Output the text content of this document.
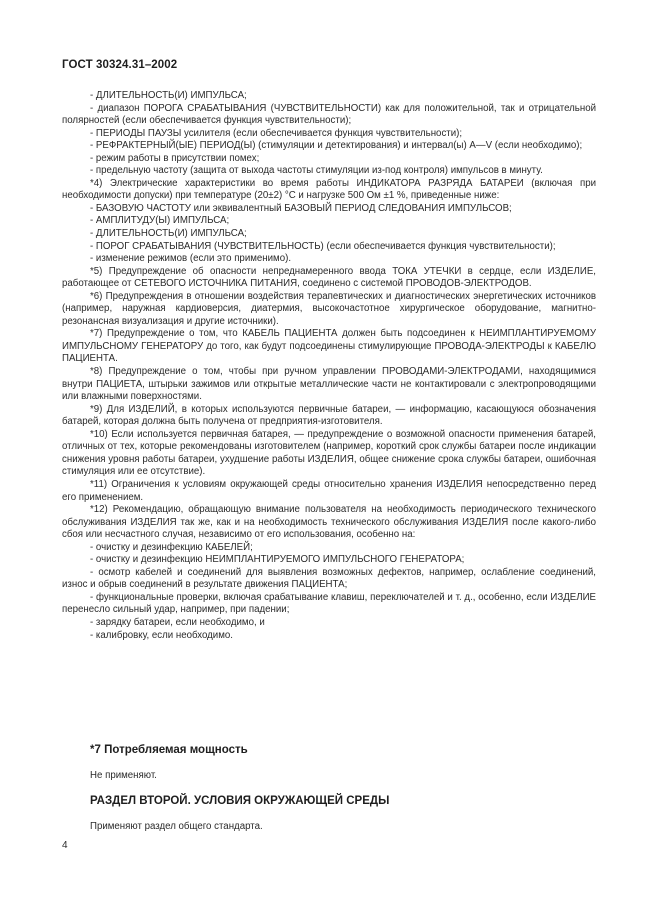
ГОСТ 30324.31–2002

- ДЛИТЕЛЬНОСТЬ(И) ИМПУЛЬСА;

- диапазон ПОРОГА СРАБАТЫВАНИЯ (ЧУВСТВИТЕЛЬНОСТИ) как для положительной, так и отрицательной полярностей (если обеспечивается функция чувствительности);

- ПЕРИОДЫ ПАУЗЫ усилителя (если обеспечивается функция чувствительности);

- РЕФРАКТЕРНЫЙ(ЫЕ) ПЕРИОД(Ы) (стимуляции и детектирования) и интервал(ы) А—V (если необходимо);

- режим работы в присутствии помех;

- предельную частоту (защита от выхода частоты стимуляции из-под контроля) импульсов в минуту.

*4) Электрические характеристики во время работы ИНДИКАТОРА РАЗРЯДА БАТАРЕИ (включая при необходимости допуски) при температуре (20±2) °С и нагрузке 500 Ом ±1 %, приведенные ниже:

- БАЗОВУЮ ЧАСТОТУ или эквивалентный БАЗОВЫЙ ПЕРИОД СЛЕДОВАНИЯ ИМПУЛЬСОВ;

- АМПЛИТУДУ(Ы) ИМПУЛЬСА;

- ДЛИТЕЛЬНОСТЬ(И) ИМПУЛЬСА;

- ПОРОГ СРАБАТЫВАНИЯ (ЧУВСТВИТЕЛЬНОСТЬ) (если обеспечивается функция чувствительности);

- изменение режимов (если это применимо).

*5) Предупреждение об опасности непреднамеренного ввода ТОКА УТЕЧКИ в сердце, если ИЗДЕЛИЕ, работающее от СЕТЕВОГО ИСТОЧНИКА ПИТАНИЯ, соединено с системой ПРОВОДОВ-ЭЛЕКТРОДОВ.

*6) Предупреждения в отношении воздействия терапевтических и диагностических энергетических источников (например, наружная кардиоверсия, диатермия, высокочастотное хирургическое оборудование, магнитно-резонансная визуализация и другие источники).

*7) Предупреждение о том, что КАБЕЛЬ ПАЦИЕНТА должен быть подсоединен к НЕИМПЛАНТИРУЕМОМУ ИМПУЛЬСНОМУ ГЕНЕРАТОРУ до того, как будут подсоединены стимулирующие ПРОВОДА-ЭЛЕКТРОДЫ к КАБЕЛЮ ПАЦИЕНТА.

*8) Предупреждение о том, чтобы при ручном управлении ПРОВОДАМИ-ЭЛЕКТРОДАМИ, находящимися внутри ПАЦИЕТА, штырьки зажимов или открытые металлические части не контактировали с электропроводящими или влажными поверхностями.

*9) Для ИЗДЕЛИЙ, в которых используются первичные батареи, — информацию, касающуюся обозначения батарей, которая должна быть получена от предприятия-изготовителя.

*10) Если используется первичная батарея, — предупреждение о возможной опасности применения батарей, отличных от тех, которые рекомендованы изготовителем (например, короткий срок службы батареи после индикации снижения уровня работы батареи, ухудшение работы ИЗДЕЛИЯ, общее снижение срока службы батареи, ошибочная стимуляция или ее отсутствие).

*11) Ограничения к условиям окружающей среды относительно хранения ИЗДЕЛИЯ непосредственно перед его применением.

*12) Рекомендацию, обращающую внимание пользователя на необходимость периодического технического обслуживания ИЗДЕЛИЯ так же, как и на необходимость технического обслуживания ИЗДЕЛИЯ после какого-либо сбоя или несчастного случая, независимо от его использования, особенно на:

- очистку и дезинфекцию КАБЕЛЕЙ;

- очистку и дезинфекцию НЕИМПЛАНТИРУЕМОГО ИМПУЛЬСНОГО ГЕНЕРАТОРА;

- осмотр кабелей и соединений для выявления возможных дефектов, например, ослабление соединений, износ и обрыв соединений в результате движения ПАЦИЕНТА;

- функциональные проверки, включая срабатывание клавиш, переключателей и т. д., особенно, если ИЗДЕЛИЕ перенесло сильный удар, например, при падении;

- зарядку батареи, если необходимо, и

- калибровку, если необходимо.

*7 Потребляемая мощность

Не применяют.

РАЗДЕЛ ВТОРОЙ. УСЛОВИЯ ОКРУЖАЮЩЕЙ СРЕДЫ

Применяют раздел общего стандарта.

4
